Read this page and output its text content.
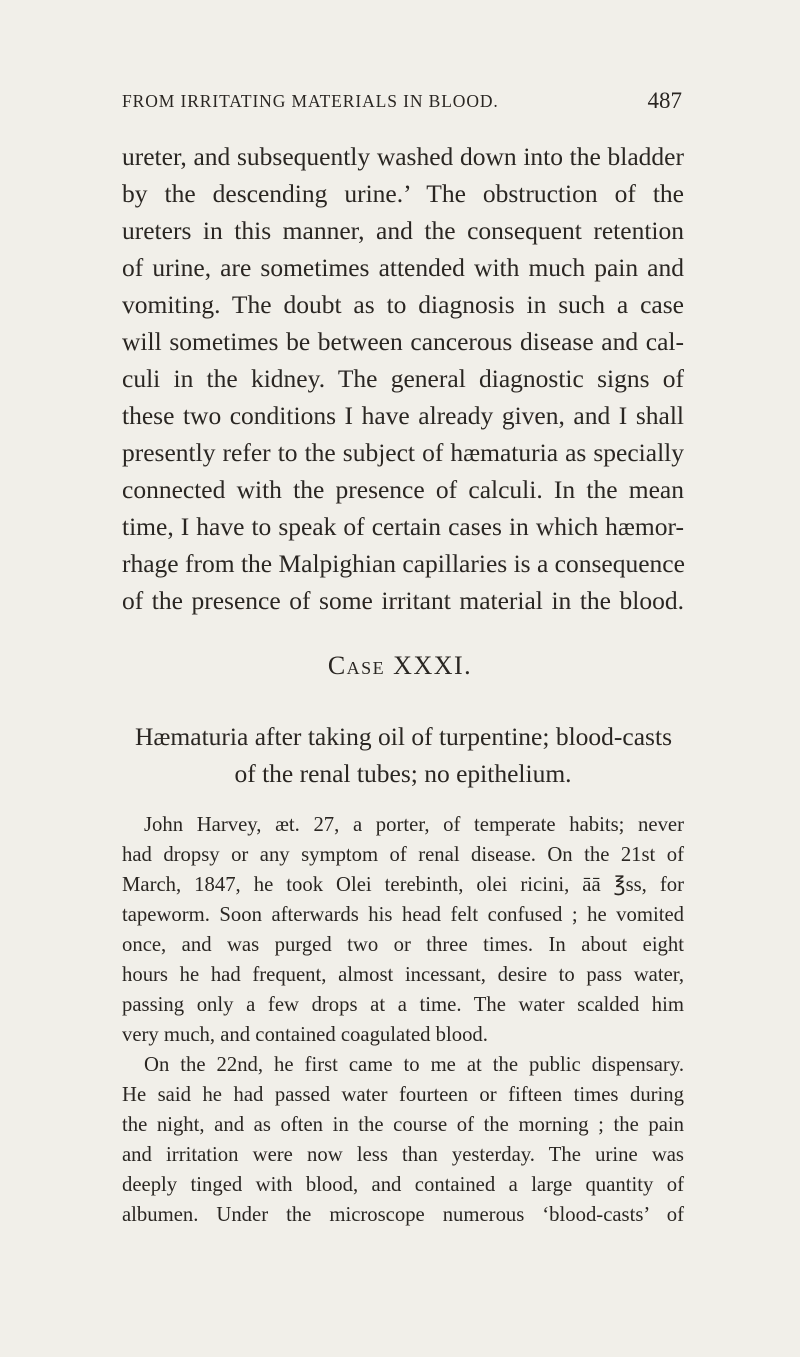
FROM IRRITATING MATERIALS IN BLOOD.	487
ureter, and subsequently washed down into the bladder
by the descending urine.’ The obstruction of the
ureters in this manner, and the consequent retention
of urine, are sometimes attended with much pain and
vomiting. The doubt as to diagnosis in such a case
will sometimes be between cancerous disease and cal-
culi in the kidney. The general diagnostic signs of
these two conditions I have already given, and I shall
presently refer to the subject of hæmaturia as specially
connected with the presence of calculi. In the mean
time, I have to speak of certain cases in which hæmor-
rhage from the Malpighian capillaries is a consequence
of the presence of some irritant material in the blood.
Case XXXI.
Hæmaturia after taking oil of turpentine; blood-casts
of the renal tubes; no epithelium.
John Harvey, æt. 27, a porter, of temperate habits; never
had dropsy or any symptom of renal disease. On the 21st of
March, 1847, he took Olei terebinth, olei ricini, āā ℥ss, for
tapeworm. Soon afterwards his head felt confused ; he vomited
once, and was purged two or three times. In about eight
hours he had frequent, almost incessant, desire to pass water,
passing only a few drops at a time. The water scalded him
very much, and contained coagulated blood.
On the 22nd, he first came to me at the public dispensary.
He said he had passed water fourteen or fifteen times during
the night, and as often in the course of the morning ; the pain
and irritation were now less than yesterday. The urine was
deeply tinged with blood, and contained a large quantity of
albumen. Under the microscope numerous ‘blood-casts’ of
